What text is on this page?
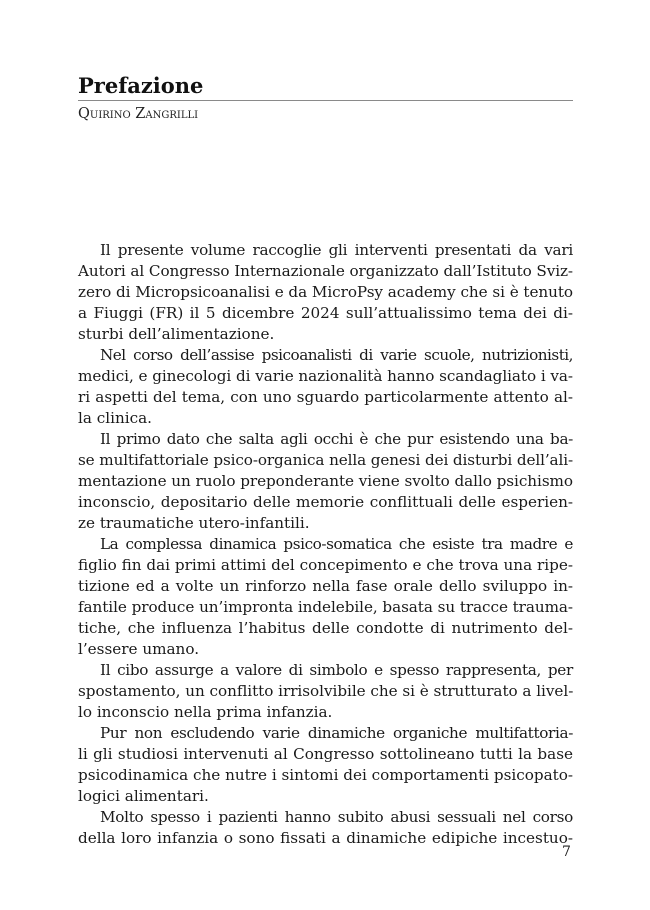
Prefazione
Quirino Zangrilli
Il presente volume raccoglie gli interventi presentati da vari
Autori al Congresso Internazionale organizzato dall’Istituto Sviz-
zero di Micropsicoanalisi e da MicroPsy academy che si è tenuto
a Fiuggi (FR) il 5 dicembre 2024 sull’attualissimo tema dei di-
sturbi dell’alimentazione.
Nel corso dell’assise psicoanalisti di varie scuole, nutrizionisti,
medici, e ginecologi di varie nazionalità hanno scandagliato i va-
ri aspetti del tema, con uno sguardo particolarmente attento al-
la clinica.
Il primo dato che salta agli occhi è che pur esistendo una ba-
se multifattoriale psico-organica nella genesi dei disturbi dell’ali-
mentazione un ruolo preponderante viene svolto dallo psichismo
inconscio, depositario delle memorie conflittuali delle esperien-
ze traumatiche utero-infantili.
La complessa dinamica psico-somatica che esiste tra madre e
figlio fin dai primi attimi del concepimento e che trova una ripe-
tizione ed a volte un rinforzo nella fase orale dello sviluppo in-
fantile produce un’impronta indelebile, basata su tracce trauma-
tiche, che influenza l’habitus delle condotte di nutrimento del-
l’essere umano.
Il cibo assurge a valore di simbolo e spesso rappresenta, per
spostamento, un conflitto irrisolvibile che si è strutturato a livel-
lo inconscio nella prima infanzia.
Pur non escludendo varie dinamiche organiche multifattoria-
li gli studiosi intervenuti al Congresso sottolineano tutti la base
psicodinamica che nutre i sintomi dei comportamenti psicopato-
logici alimentari.
Molto spesso i pazienti hanno subito abusi sessuali nel corso
della loro infanzia o sono fissati a dinamiche edipiche incestuo-
7
